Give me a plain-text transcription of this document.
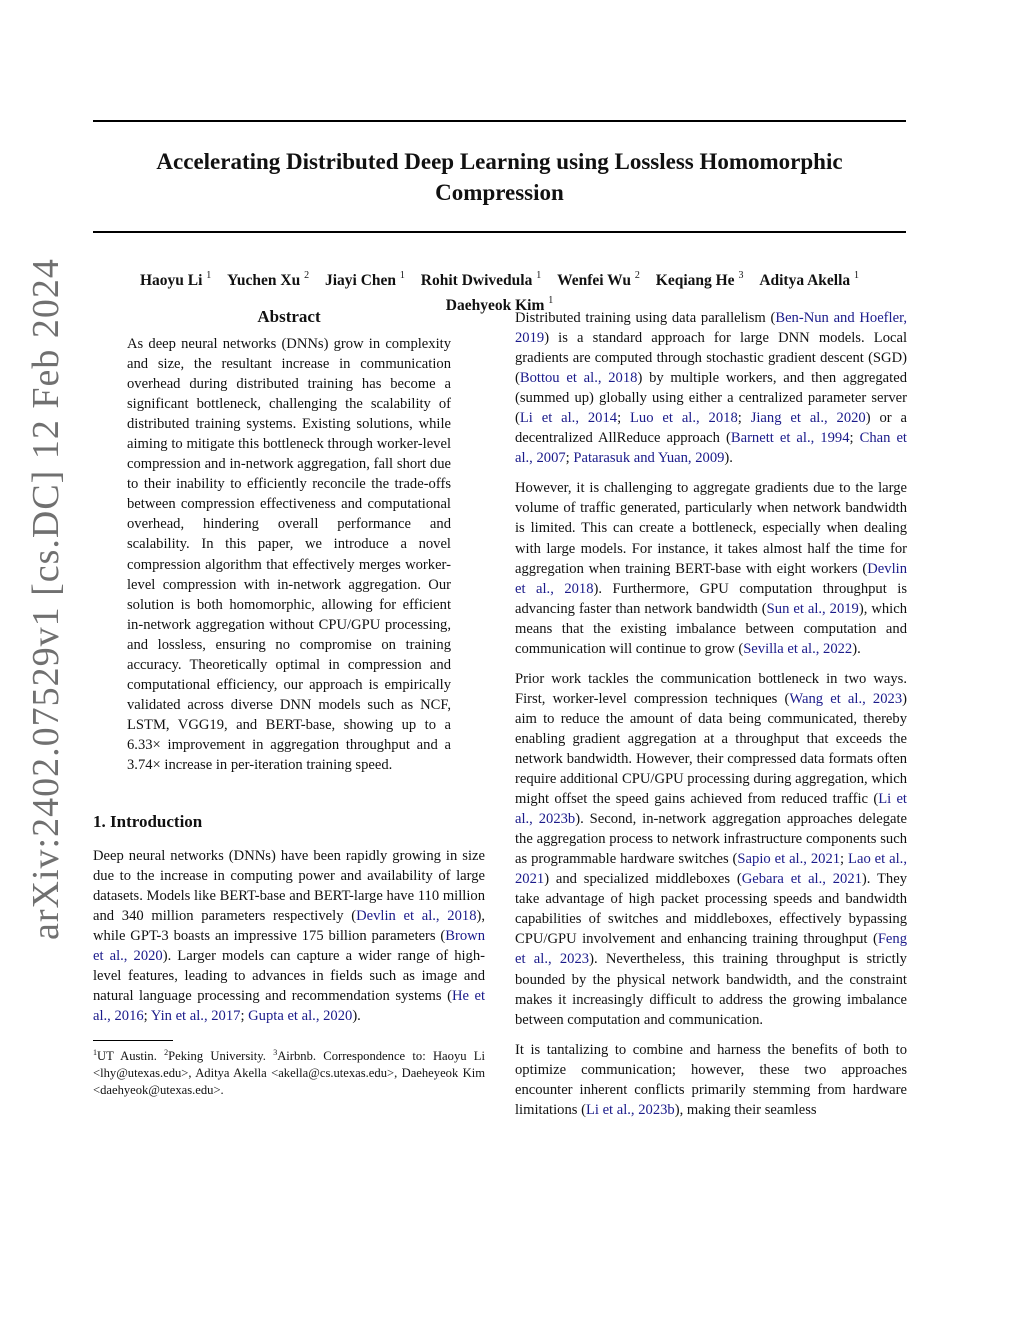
arXiv:2402.07529v1 [cs.DC] 12 Feb 2024
Accelerating Distributed Deep Learning using Lossless Homomorphic Compression
Haoyu Li $^1$ Yuchen Xu $^2$ Jiayi Chen $^1$ Rohit Dwivedula $^1$ Wenfei Wu $^2$ Keqiang He $^3$ Aditya Akella $^1$
Daehyeok Kim $^1$
Abstract

As deep neural networks (DNNs) grow in complexity and size, the resultant increase in communication overhead during distributed training has become a significant bottleneck, challenging the scalability of distributed training systems. Existing solutions, while aiming to mitigate this bottleneck through worker-level compression and in-network aggregation, fall short due to their inability to efficiently reconcile the trade-offs between compression effectiveness and computational overhead, hindering overall performance and scalability. In this paper, we introduce a novel compression algorithm that effectively merges worker-level compression with in-network aggregation. Our solution is both homomorphic, allowing for efficient in-network aggregation without CPU/GPU processing, and lossless, ensuring no compromise on training accuracy. Theoretically optimal in compression and computational efficiency, our approach is empirically validated across diverse DNN models such as NCF, LSTM, VGG19, and BERT-base, showing up to a 6.33× improvement in aggregation throughput and a 3.74× increase in per-iteration training speed.

1. Introduction

Deep neural networks (DNNs) have been rapidly growing in size due to the increase in computing power and availability of large datasets. Models like BERT-base and BERT-large have 110 million and 340 million parameters respectively (Devlin et al., 2018), while GPT-3 boasts an impressive 175 billion parameters (Brown et al., 2020). Larger models can capture a wider range of high-level features, leading to advances in fields such as image and natural language processing and recommendation systems (He et al., 2016; Yin et al., 2017; Gupta et al., 2020).

$^1$UT Austin. $^2$Peking University. $^3$Airbnb. Correspondence to: Haoyu Li <lhy@utexas.edu>, Aditya Akella <akella@cs.utexas.edu>, Daeheyeok Kim <daehyeok@utexas.edu>.

Distributed training using data parallelism (Ben-Nun and Hoefler, 2019) is a standard approach for large DNN models. Local gradients are computed through stochastic gradient descent (SGD) (Bottou et al., 2018) by multiple workers, and then aggregated (summed up) globally using either a centralized parameter server (Li et al., 2014; Luo et al., 2018; Jiang et al., 2020) or a decentralized AllReduce approach (Barnett et al., 1994; Chan et al., 2007; Patarasuk and Yuan, 2009).

However, it is challenging to aggregate gradients due to the large volume of traffic generated, particularly when network bandwidth is limited. This can create a bottleneck, especially when dealing with large models. For instance, it takes almost half the time for aggregation when training BERT-base with eight workers (Devlin et al., 2018). Furthermore, GPU computation throughput is advancing faster than network bandwidth (Sun et al., 2019), which means that the existing imbalance between computation and communication will continue to grow (Sevilla et al., 2022).

Prior work tackles the communication bottleneck in two ways. First, worker-level compression techniques (Wang et al., 2023) aim to reduce the amount of data being communicated, thereby enabling gradient aggregation at a throughput that exceeds the network bandwidth. However, their compressed data formats often require additional CPU/GPU processing during aggregation, which might offset the speed gains achieved from reduced traffic (Li et al., 2023b). Second, in-network aggregation approaches delegate the aggregation process to network infrastructure components such as programmable hardware switches (Sapio et al., 2021; Lao et al., 2021) and specialized middleboxes (Gebara et al., 2021). They take advantage of high packet processing speeds and bandwidth capabilities of switches and middleboxes, effectively bypassing CPU/GPU involvement and enhancing training throughput (Feng et al., 2023). Nevertheless, this training throughput is strictly bounded by the physical network bandwidth, and the constraint makes it increasingly difficult to address the growing imbalance between computation and communication.

It is tantalizing to combine and harness the benefits of both to optimize communication; however, these two approaches encounter inherent conflicts primarily stemming from hardware limitations (Li et al., 2023b), making their seamless
